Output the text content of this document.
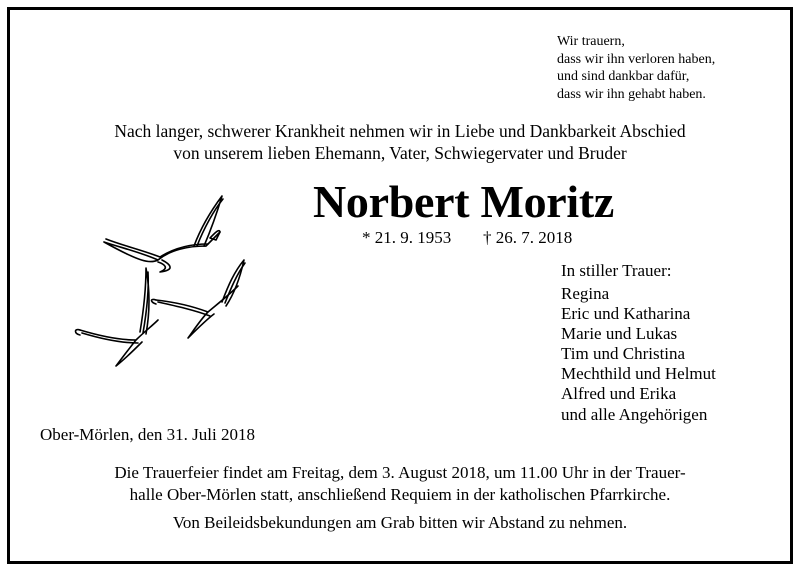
Wir trauern,
dass wir ihn verloren haben,
und sind dankbar dafür,
dass wir ihn gehabt haben.
Nach langer, schwerer Krankheit nehmen wir in Liebe und Dankbarkeit Abschied
von unserem lieben Ehemann, Vater, Schwiegervater und Bruder
Norbert Moritz
* 21. 9. 1953 † 26. 7. 2018
In stiller Trauer:
Regina
Eric und Katharina
Marie und Lukas
Tim und Christina
Mechthild und Helmut
Alfred und Erika
und alle Angehörigen
Ober-Mörlen, den 31. Juli 2018
Die Trauerfeier findet am Freitag, dem 3. August 2018, um 11.00 Uhr in der Trauer-
halle Ober-Mörlen statt, anschließend Requiem in der katholischen Pfarrkirche.
Von Beileidsbekundungen am Grab bitten wir Abstand zu nehmen.
